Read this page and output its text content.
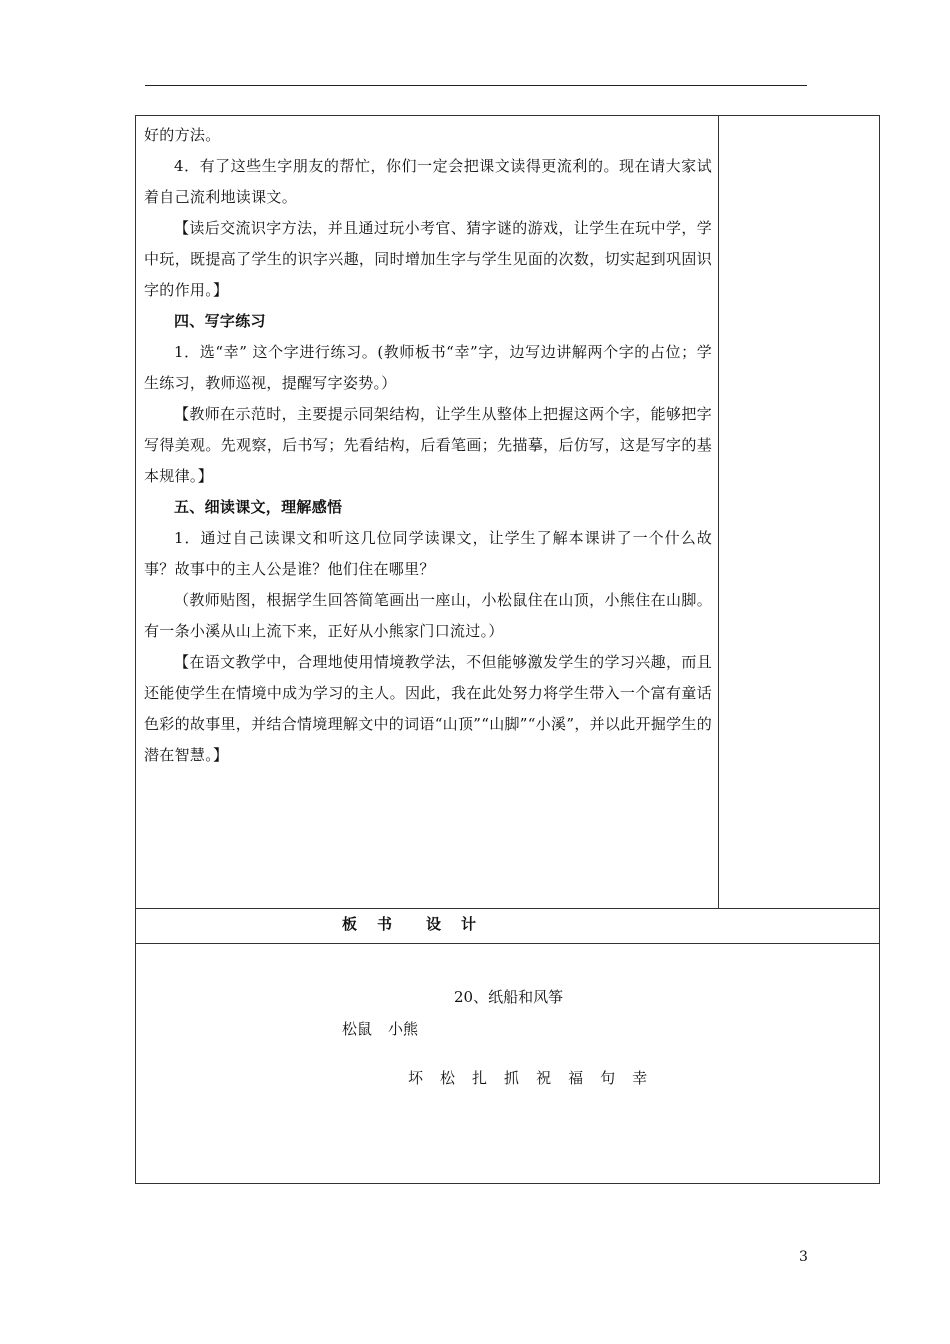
好的方法。

4．有了这些生字朋友的帮忙，你们一定会把课文读得更流利的。现在请大家试着自己流利地读课文。

【读后交流识字方法，并且通过玩小考官、猜字谜的游戏，让学生在玩中学，学中玩，既提高了学生的识字兴趣，同时增加生字与学生见面的次数，切实起到巩固识字的作用。】

四、写字练习

1．选“幸” 这个字进行练习。(教师板书“幸”字，边写边讲解两个字的占位；学生练习，教师巡视，提醒写字姿势。）

【教师在示范时，主要提示同架结构，让学生从整体上把握这两个字，能够把字写得美观。先观察，后书写；先看结构，后看笔画；先描摹，后仿写，这是写字的基本规律。】

五、细读课文，理解感悟

1．通过自己读课文和听这几位同学读课文，让学生了解本课讲了一个什么故事？故事中的主人公是谁？他们住在哪里？

（教师贴图，根据学生回答简笔画出一座山，小松鼠住在山顶，小熊住在山脚。有一条小溪从山上流下来，正好从小熊家门口流过。）

【在语文教学中，合理地使用情境教学法，不但能够激发学生的学习兴趣，而且还能使学生在情境中成为学习的主人。因此，我在此处努力将学生带入一个富有童话色彩的故事里，并结合情境理解文中的词语“山顶”“山脚”“小溪”，并以此开掘学生的潜在智慧。】

板 书 设 计
20、纸船和风筝
松鼠 小熊
坏 松 扎 抓 祝 福 句 幸
3
